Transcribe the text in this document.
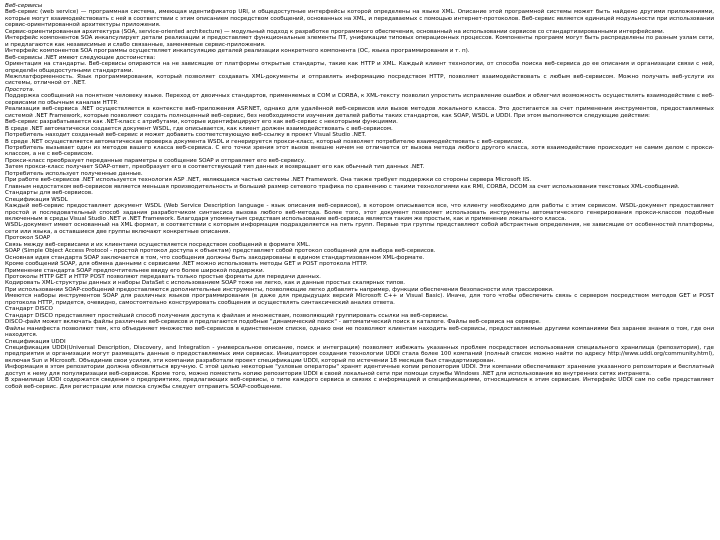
Веб-сервисы

Веб-сервис (web service) — программная система, имеющая идентификатор URI, и общедоступные интерфейсы которой определены на языке XML. Описание этой программной системы может быть найдено другими приложениями, которые могут взаимодействовать с ней в соответствии с этим описанием посредством сообщений, основанных на XML, и передаваемых с помощью интернет-протоколов. Веб-сервис является единицей модульности при использовании сервис-ориентированной архитектуры приложения.

Сервис-ориентированная архитектура (SOA, service-oriented architecture) — модульный подход к разработке программного обеспечения, основанный на использовании сервисов со стандартизированными интерфейсами.

Интерфейс компонентов SOA инкапсулирует детали реализации и предоставляет функциональные элементы ПТ, унификации типовых операционных процессов. Компоненты программ могут быть распределены по разным узлам сети, и предлагаются как независимые и слабо связанные, заменяемые сервис-приложения.

Интерфейс компонентов SOA программы осуществляет инкапсуляцию деталей реализации конкретного компонента (ОС, языка программирования и т. п).

Веб-сервисы .NET имеют следующие достоинства:

Ориентация на стандарты. Веб-сервисы опираются на не зависящие от платформы открытые стандарты, такие как HTTP и XML. Каждый клиент технологии, от способа поиска веб-сервиса до ее описания и организации связи с ней, определён общедоступными стандартами.

Межплатформенность. Язык программирования, который позволяет создавать XML-документы и отправлять информацию посредством HTTP, позволяет взаимодействовать с любым веб-сервисом. Можно получать веб-услуги из системы, отличной от .NET.

Простота.

Поддержка сообщений на понятном человеку языке. Переход от двоичных стандартов, применяемых в COM и CORBA, к XML-тексту позволил упростить исправление ошибок и облегчил возможность осуществлять взаимодействие с веб-сервисами по обычным каналам HTTP.

Реализация веб-сервиса .NET осуществляется в контексте веб-приложения ASP.NET, однако для удалённой веб-сервисов или вызов методов локального класса. Это достигается за счет применения инструментов, предоставляемых системой .NET Framework, которые позволяют создать полноценный веб-сервис, без необходимости изучения деталей работы таких стандартов, как SOAP, WSDL и UDDI. При этом выполняются следующие действия:

Веб-сервис разрабатывается как .NET-класс с атрибутами, которые идентифицируют его как веб-сервис с некоторыми функциями.

В среде .NET автоматически создается документ WSDL, где описывается, как клиент должен взаимодействовать с веб-сервисом.

Потребитель находит созданный веб-сервис и может добавить соответствующую веб-ссылку в проект Visual Studio .NET.

В среде .NET осуществляется автоматическая проверка документа WSDL и генерируется прокси-класс, который позволяет потребителю взаимодействовать с веб-сервисом.

Потребитель вызывает один из методов вашего класса веб-сервиса. С его точки зрения этот вызов внешне ничем не отличается от вызова метода любого другого класса, хотя взаимодействие происходит не самим делом с прокси-классом, а не с веб-сервисом.

Прокси-класс преобразует переданные параметры в сообщение SOAP и отправляет его веб-сервису.

Затем прокси-класс получает SOAP-ответ, преобразует его в соответствующий тип данных и возвращает его как обычный тип данных .NET.

Потребитель использует полученные данные.

При работе веб-сервисов .NET используется технология ASP .NET, являющаяся частью системы .NET Framework. Она также требует поддержки со стороны сервера Microsoft IIS.

Главным недостатком веб-сервисов является меньшая производительность и больший размер сетевого трафика по сравнению с такими технологиями как RMI, CORBA, DCOM за счет использования текстовых XML-сообщений.

Стандарты для веб-сервисов.

Спецификация WSDL

Каждый веб-сервис предоставляет документ WSDL (Web Service Description language - язык описания веб-сервисов), в котором описывается все, что клиенту необходимо для работы с этим сервисом. WSDL-документ предоставляет простой и последовательный способ задания разработчиком синтаксиса вызова любого веб-метода. Более того, этот документ позволяет использовать инструменты автоматического генерирования прокси-классов подобные включенным в среды Visual Studio .NET и .NET Framework. Благодаря упомянутым средствам использование веб-сервиса является таким же простым, как и применение локального класса.

WSDL-документ имеет основанный на XML формат, в соответствии с которым информация подразделяется на пять групп. Первые три группы представляют собой абстрактные определения, не зависящие от особенностей платформы, сети или языка, а оставшиеся две группы включают конкретные описания.

Протокол SOAP

Связь между веб-сервисами и их клиентами осуществляется посредством сообщений в формате XML.

SOAP (Simple Object Access Protocol - простой протокол доступа к объектам) представляет собой протокол сообщений для выбора веб-сервисов.

Основная идея стандарта SOAP заключается в том, что сообщения должны быть закодированы в едином стандартизованном XML-формате.

Кроме сообщений SOAP, для обмена данными с сервисами .NET можно использовать методы GET и POST протокола HTTP.

Применение стандарта SOAP предпочтительнее ввиду его более широкой поддержки.

Протоколы HTTP GET и HTTP POST позволяют передавать только простые форматы для передачи данных.

Кодировать XML-структуры данных и наборы DataSet с использованием SOAP тоже не легко, как и данные простых скалярных типов.

При использовании SOAP-сообщений предоставляются дополнительные инструменты, позволяющие легко добавлять например, функции обеспечения безопасности или трассировки.

Имеются наборы инструментов SOAP для различных языков программирования (в даже для предыдущих версий Microsoft C++ и Visual Basic). Иначе, для того чтобы обеспечить связь с сервером посредством методов GET и POST протокола HTTP, придется, очевидно, самостоятельно конструировать сообщения и осуществлять синтаксический анализ ответа.

Стандарт DISCO

Стандарт DISCO представляет простейший способ получения доступа к файлам и множествам, позволяющий группировать ссылки на веб-сервисы.

DISCO-файл может включать файлы различных веб-сервисов и предлагаются подобные "динамический поиск" - автоматический поиск в каталоге. Файлы веб-сервиса на сервере.

Файлы манифеста позволяют тем, кто объединяет множество веб-сервисов в единственном списке, однако они не позволяют клиентам находить веб-сервисы, предоставляемые другими компаниями без заранее знания о том, где они находятся.

Спецификация UDDI

Спецификация UDDI(Universal Description, Discovery, and Integration - универсальное описание, поиск и интеграция) позволяет избежать указанных проблем посредством использования специального хранилища (репозитория), где предприятия и организации могут размещать данные о предоставляемых ими сервисах. Инициатором создания технологии UDDI стала более 100 компаний (полный список можно найти по адресу http://www.uddi.org/community.html), включая Sun и Microsoft. Объединив свои усилия, эти компании разработали проект спецификации UDDI, который по истечении 18 месяцев был стандартизирован.

Информация в этом репозитории должна обновляться вручную. С этой целью некоторые "узловые операторы" хранят идентичные копии репозитория UDDI. Эти компании обеспечивают хранение указанного репозитория и бесплатный доступ к нему для популяризации веб-сервисов. Кроме того, можно поместить копию репозитория UDDI в своей локальной сети при помощи службы Windows .NET для использования во внутренних сетях интранета.

В хранилище UDDI содержатся сведения о предприятиях, предлагающих веб-сервисы, о типе каждого сервиса и связях с информацией и спецификациями, относящимися к этим сервисам. Интерфейс UDDI сам по себе представляет собой веб-сервис. Для регистрации или поиска службы следует отправить SOAP-сообщение.
